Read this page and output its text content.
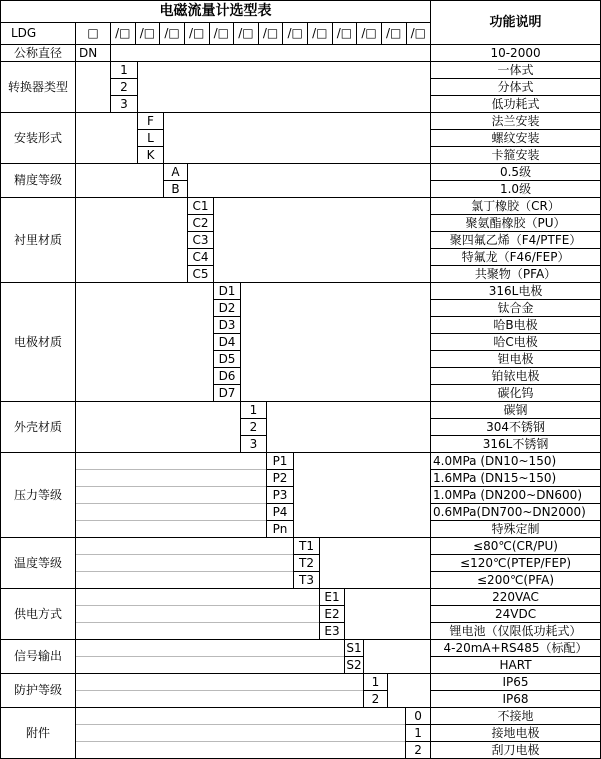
电磁流量计选型表															功能说明
LDG	□	/□ /□ /□ /□ /□ /□ /□ /□ /□ /□ /□ /□ /□

公称直径	DN														10-2000
转换器类型		1													一体式
		2													分体式
		3													低功耗式
安装形式			F												法兰安装
			L												螺纹安装
			K												卡箍安装
精度等级				A											0.5级
				B											1.0级
衬里材质					C1										氯丁橡胶（CR）
					C2										聚氨酯橡胶（PU）
					C3										聚四氟乙烯（F4/PTFE）
					C4										特氟龙（F46/FEP）
					C5										共聚物（PFA）
电极材质						D1									316L电极
						D2									钛合金
						D3									哈B电极
						D4									哈C电极
						D5									钽电极
						D6									铂铱电极
						D7									碳化钨
外壳材质							1								碳钢
							2								304不锈钢
							3								316L不锈钢
压力等级								P1							4.0MPa (DN10~150)
								P2							1.6MPa (DN15~150)
								P3							1.0MPa (DN200~DN600)
								P4							0.6MPa(DN700~DN2000)
								Pn							特殊定制
温度等级									T1						≤80℃(CR/PU)
									T2						≤120℃(PTEP/FEP)
									T3						≤200℃(PFA)
供电方式										E1					220VAC
										E2					24VDC
										E3					锂电池（仅限低功耗式）
信号输出											S1				4-20mA+RS485（标配）
											S2				HART
防护等级												1			IP65
												2			IP68
附件														0	不接地
														1	接地电极
														2	刮刀电极
